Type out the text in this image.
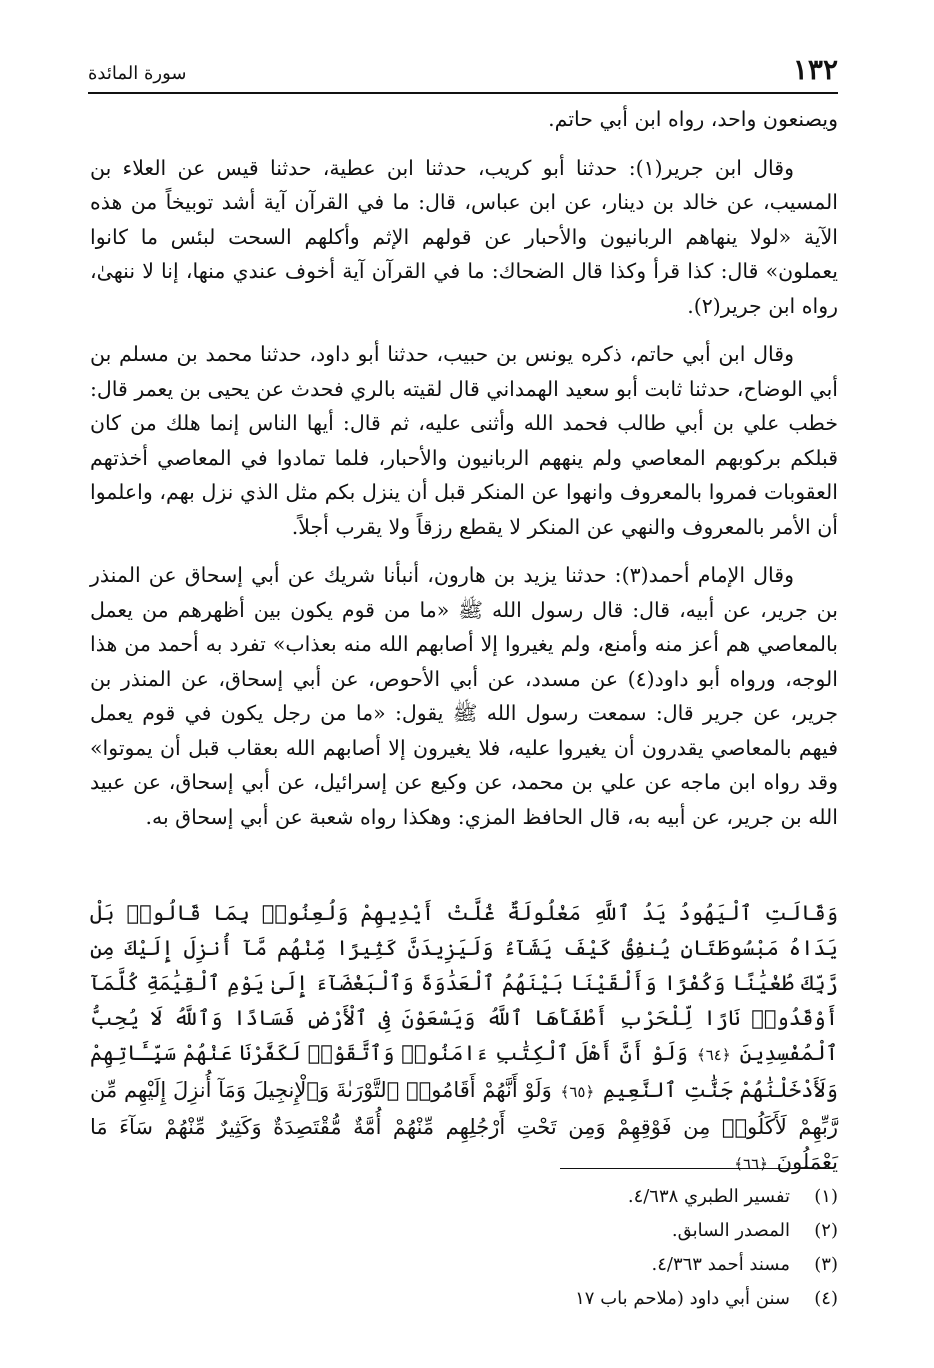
١٣٢
سورة المائدة

ويصنعون واحد، رواه ابن أبي حاتم.

وقال ابن جرير(١): حدثنا أبو كريب، حدثنا ابن عطية، حدثنا قيس عن العلاء بن المسيب، عن خالد بن دينار، عن ابن عباس، قال: ما في القرآن آية أشد توبيخاً من هذه الآية «لولا ينهاهم الربانيون والأحبار عن قولهم الإثم وأكلهم السحت لبئس ما كانوا يعملون» قال: كذا قرأ وكذا قال الضحاك: ما في القرآن آية أخوف عندي منها، إنا لا ننهىٰ، رواه ابن جرير(٢).

وقال ابن أبي حاتم، ذكره يونس بن حبيب، حدثنا أبو داود، حدثنا محمد بن مسلم بن أبي الوضاح، حدثنا ثابت أبو سعيد الهمداني قال لقيته بالري فحدث عن يحيى بن يعمر قال: خطب علي بن أبي طالب فحمد الله وأثنى عليه، ثم قال: أيها الناس إنما هلك من كان قبلكم بركوبهم المعاصي ولم ينههم الربانيون والأحبار، فلما تمادوا في المعاصي أخذتهم العقوبات فمروا بالمعروف وانهوا عن المنكر قبل أن ينزل بكم مثل الذي نزل بهم، واعلموا أن الأمر بالمعروف والنهي عن المنكر لا يقطع رزقاً ولا يقرب أجلاً.

وقال الإمام أحمد(٣): حدثنا يزيد بن هارون، أنبأنا شريك عن أبي إسحاق عن المنذر بن جرير، عن أبيه، قال: قال رسول الله ﷺ «ما من قوم يكون بين أظهرهم من يعمل بالمعاصي هم أعز منه وأمنع، ولم يغيروا إلا أصابهم الله منه بعذاب» تفرد به أحمد من هذا الوجه، ورواه أبو داود(٤) عن مسدد، عن أبي الأحوص، عن أبي إسحاق، عن المنذر بن جرير، عن جرير قال: سمعت رسول الله ﷺ يقول: «ما من رجل يكون في قوم يعمل فيهم بالمعاصي يقدرون أن يغيروا عليه، فلا يغيرون إلا أصابهم الله بعقاب قبل أن يموتوا» وقد رواه ابن ماجه عن علي بن محمد، عن وكيع عن إسرائيل، عن أبي إسحاق، عن عبيد الله بن جرير، عن أبيه به، قال الحافظ المزي: وهكذا رواه شعبة عن أبي إسحاق به.

وَقَالَتِ ٱلْيَهُودُ يَدُ ٱللَّهِ مَغْلُولَةٌ غُلَّتْ أَيْدِيهِمْ وَلُعِنُوا۟ بِمَا قَالُوا۟ بَلْ يَدَاهُ مَبْسُوطَتَانِ يُنفِقُ كَيْفَ يَشَآءُ وَلَيَزِيدَنَّ كَثِيرًا مِّنْهُم مَّآ أُنزِلَ إِلَيْكَ مِن رَّبِّكَ طُغْيَٰنًا وَكُفْرًا وَأَلْقَيْنَا بَيْنَهُمُ ٱلْعَدَٰوَةَ وَٱلْبَغْضَآءَ إِلَىٰ يَوْمِ ٱلْقِيَٰمَةِ كُلَّمَآ أَوْقَدُوا۟ نَارًا لِّلْحَرْبِ أَطْفَأَهَا ٱللَّهُ وَيَسْعَوْنَ فِى ٱلْأَرْضِ فَسَادًا وَٱللَّهُ لَا يُحِبُّ ٱلْمُفْسِدِينَ ﴿٦٤﴾ وَلَوْ أَنَّ أَهْلَ ٱلْكِتَٰبِ ءَامَنُوا۟ وَٱتَّقَوْا۟ لَكَفَّرْنَا عَنْهُمْ سَيِّـَٔاتِهِمْ وَلَأَدْخَلْنَٰهُمْ جَنَّٰتِ ٱلنَّعِيمِ ﴿٦٥﴾ وَلَوْ أَنَّهُمْ أَقَامُوا۟ ٱلتَّوْرَىٰةَ وَٱلْإِنجِيلَ وَمَآ أُنزِلَ إِلَيْهِم مِّن رَّبِّهِمْ لَأَكَلُوا۟ مِن فَوْقِهِمْ وَمِن تَحْتِ أَرْجُلِهِم مِّنْهُمْ أُمَّةٌ مُّقْتَصِدَةٌ وَكَثِيرٌ مِّنْهُمْ سَآءَ مَا يَعْمَلُونَ ﴿٦٦﴾
(١)تفسير الطبري ٤/٦٣٨.
(٢)المصدر السابق.
(٣)مسند أحمد ٤/٣٦٣.
(٤)سنن أبي داود (ملاحم باب ١٧
